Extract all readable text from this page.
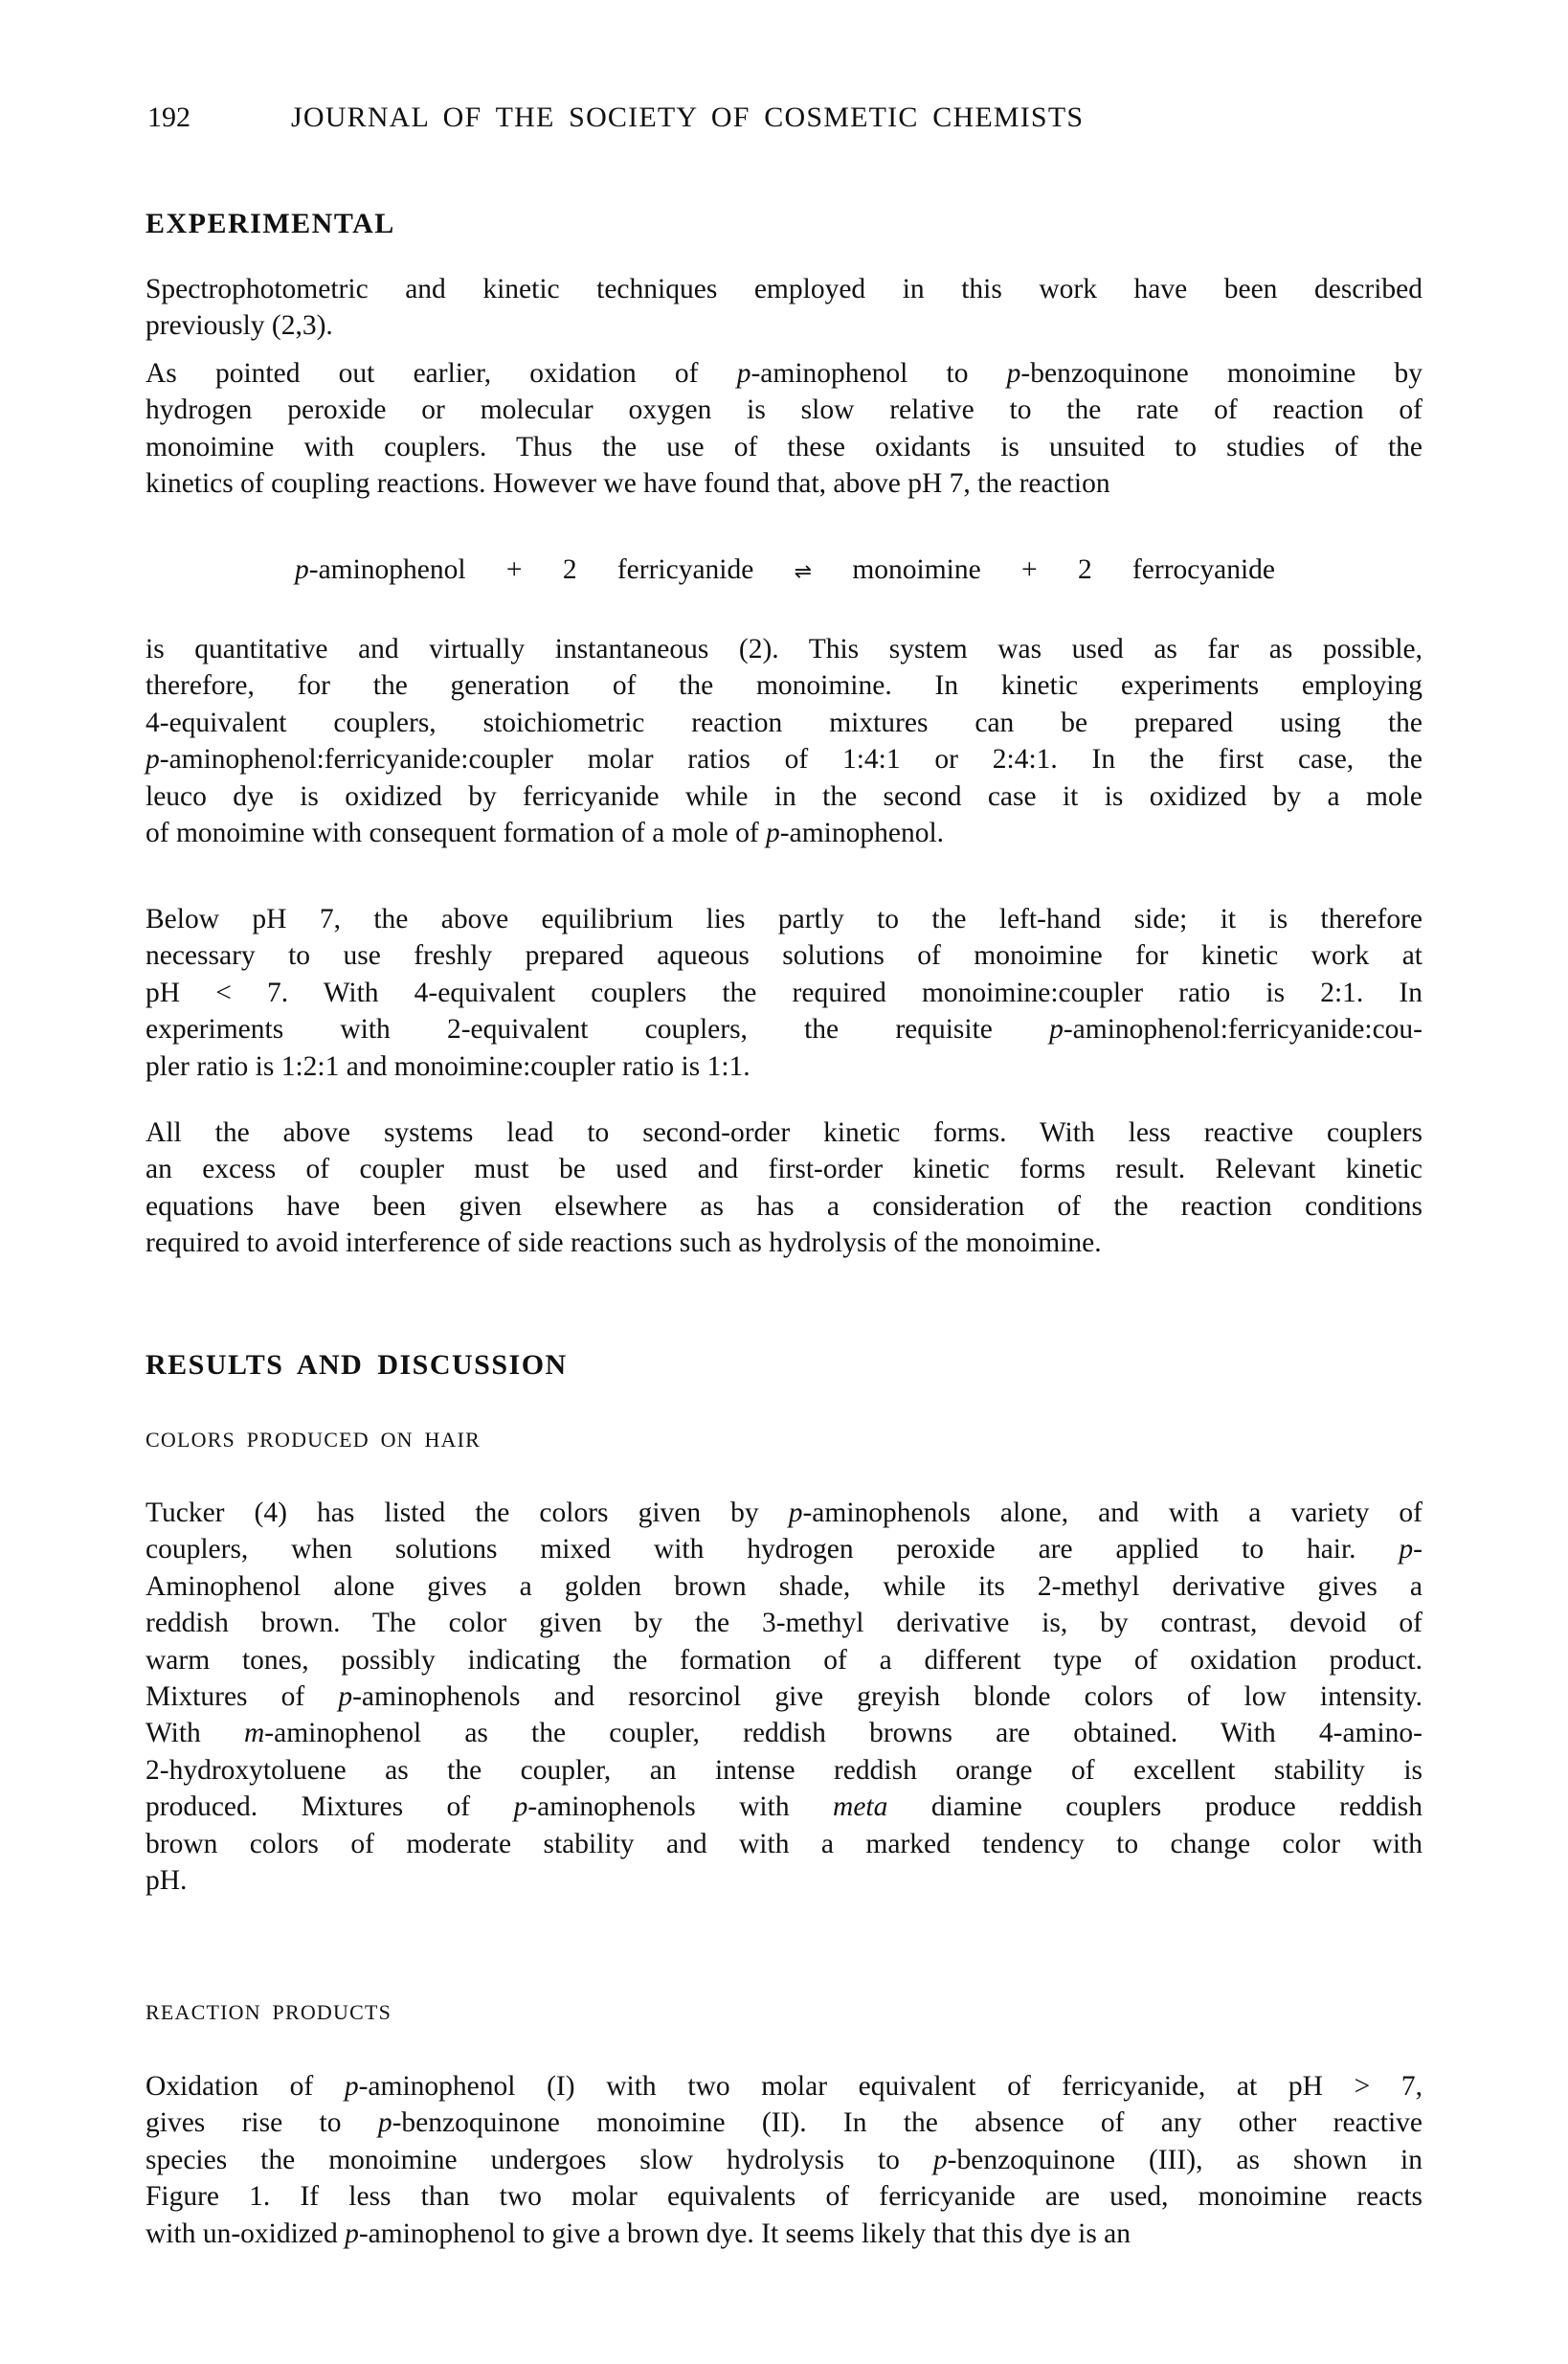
192	JOURNAL OF THE SOCIETY OF COSMETIC CHEMISTS
EXPERIMENTAL
Spectrophotometric and kinetic techniques employed in this work have been described
previously (2,3).
As pointed out earlier, oxidation of p-aminophenol to p-benzoquinone monoimine by
hydrogen peroxide or molecular oxygen is slow relative to the rate of reaction of
monoimine with couplers. Thus the use of these oxidants is unsuited to studies of the
kinetics of coupling reactions. However we have found that, above pH 7, the reaction
p-aminophenol + 2 ferricyanide ⇌ monoimine + 2 ferrocyanide
is quantitative and virtually instantaneous (2). This system was used as far as possible,
therefore, for the generation of the monoimine. In kinetic experiments employing
4-equivalent couplers, stoichiometric reaction mixtures can be prepared using the
p-aminophenol:ferricyanide:coupler molar ratios of 1:4:1 or 2:4:1. In the first case, the
leuco dye is oxidized by ferricyanide while in the second case it is oxidized by a mole
of monoimine with consequent formation of a mole of p-aminophenol.
Below pH 7, the above equilibrium lies partly to the left-hand side; it is therefore
necessary to use freshly prepared aqueous solutions of monoimine for kinetic work at
pH < 7. With 4-equivalent couplers the required monoimine:coupler ratio is 2:1. In
experiments with 2-equivalent couplers, the requisite p-aminophenol:ferricyanide:cou-
pler ratio is 1:2:1 and monoimine:coupler ratio is 1:1.
All the above systems lead to second-order kinetic forms. With less reactive couplers
an excess of coupler must be used and first-order kinetic forms result. Relevant kinetic
equations have been given elsewhere as has a consideration of the reaction conditions
required to avoid interference of side reactions such as hydrolysis of the monoimine.
RESULTS AND DISCUSSION
COLORS PRODUCED ON HAIR
Tucker (4) has listed the colors given by p-aminophenols alone, and with a variety of
couplers, when solutions mixed with hydrogen peroxide are applied to hair. p-
Aminophenol alone gives a golden brown shade, while its 2-methyl derivative gives a
reddish brown. The color given by the 3-methyl derivative is, by contrast, devoid of
warm tones, possibly indicating the formation of a different type of oxidation product.
Mixtures of p-aminophenols and resorcinol give greyish blonde colors of low intensity.
With m-aminophenol as the coupler, reddish browns are obtained. With 4-amino-
2-hydroxytoluene as the coupler, an intense reddish orange of excellent stability is
produced. Mixtures of p-aminophenols with meta diamine couplers produce reddish
brown colors of moderate stability and with a marked tendency to change color with
pH.
REACTION PRODUCTS
Oxidation of p-aminophenol (I) with two molar equivalent of ferricyanide, at pH > 7,
gives rise to p-benzoquinone monoimine (II). In the absence of any other reactive
species the monoimine undergoes slow hydrolysis to p-benzoquinone (III), as shown in
Figure 1. If less than two molar equivalents of ferricyanide are used, monoimine reacts
with un-oxidized p-aminophenol to give a brown dye. It seems likely that this dye is an
